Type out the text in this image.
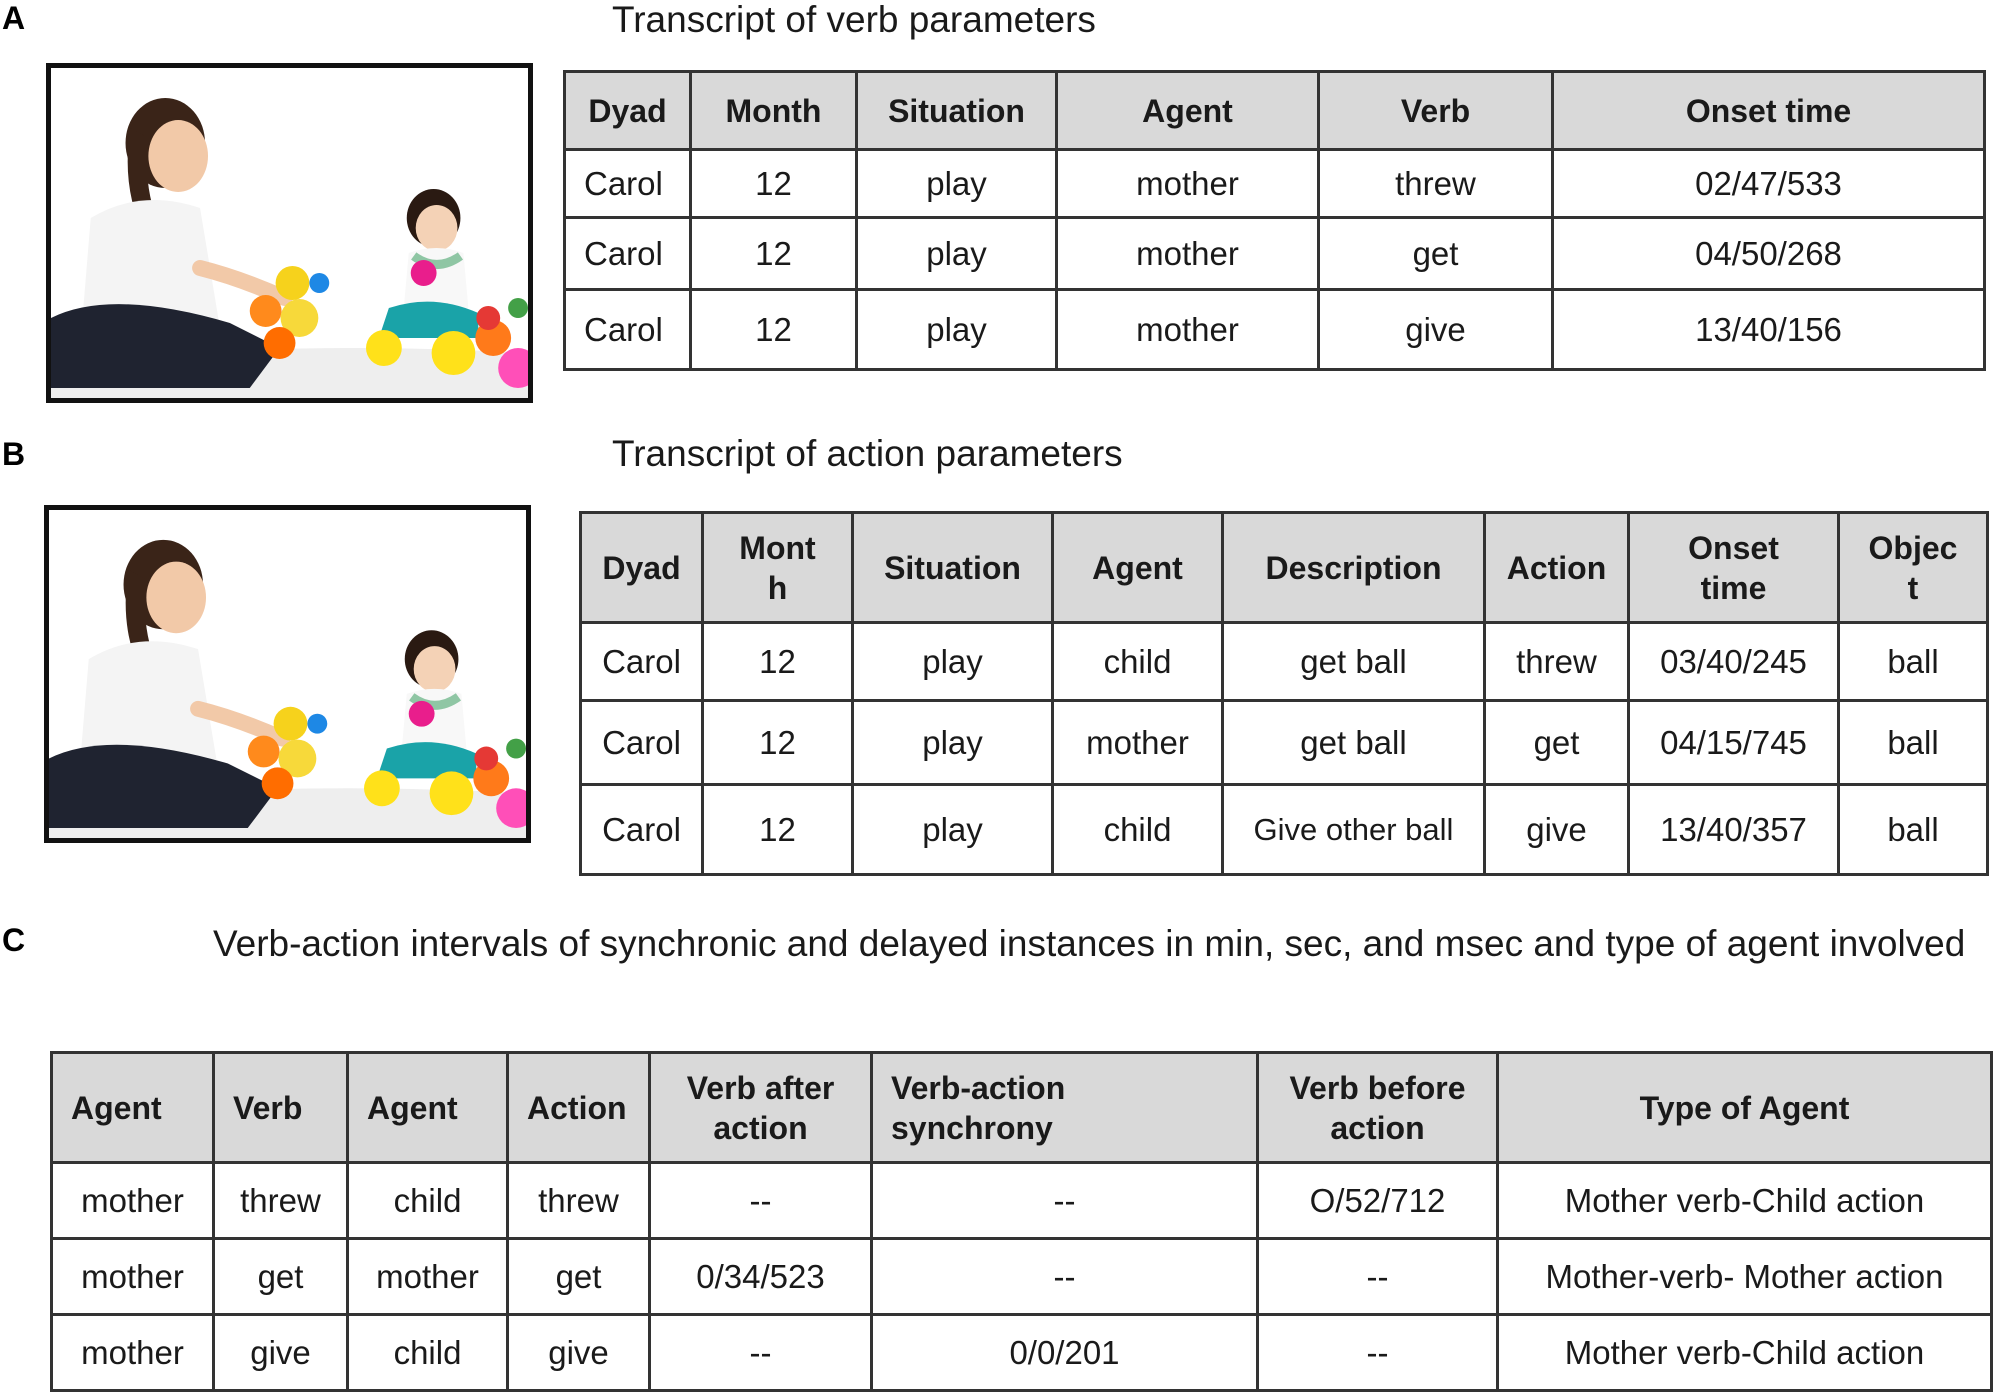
A	Transcript of verb parameters
Dyad	Month	Situation	Agent	Verb	Onset time
Carol	12	play	mother	threw	02/47/533
Carol	12	play	mother	get	04/50/268
Carol	12	play	mother	give	13/40/156
B	Transcript of action parameters
Dyad	Mont h	Situation	Agent	Description	Action	Onset time	Objec t
Carol	12	play	child	get ball	threw	03/40/245	ball
Carol	12	play	mother	get ball	get	04/15/745	ball
Carol	12	play	child	Give other ball	give	13/40/357	ball
C	Verb-action intervals of synchronic and delayed instances in min, sec, and msec and type of agent involved
Agent	Verb	Agent	Action	Verb after action	Verb-action synchrony	Verb before action	Type of Agent
mother	threw	child	threw	--	--	O/52/712	Mother verb-Child action
mother	get	mother	get	0/34/523	--	--	Mother-verb- Mother action
mother	give	child	give	--	0/0/201	--	Mother verb-Child action
